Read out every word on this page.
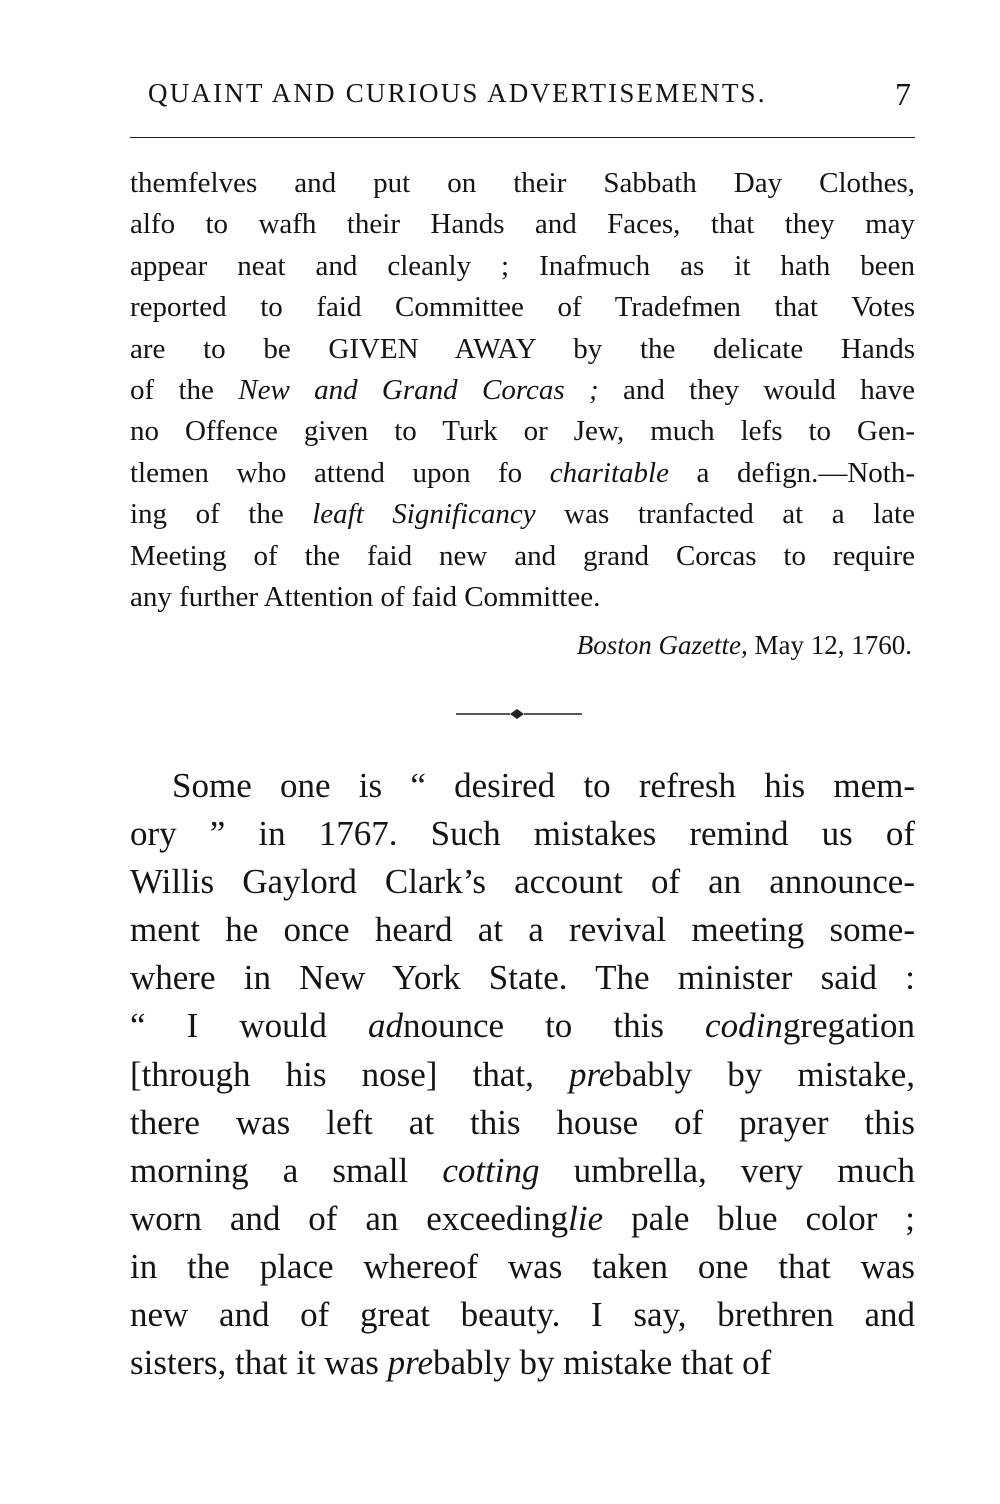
QUAINT AND CURIOUS ADVERTISEMENTS.	7
themfelves and put on their Sabbath Day Clothes,
alfo to wafh their Hands and Faces, that they may
appear neat and cleanly ; Inafmuch as it hath been
reported to faid Committee of Tradefmen that Votes
are to be GIVEN AWAY by the delicate Hands
of the New and Grand Corcas ; and they would have
no Offence given to Turk or Jew, much lefs to Gen-
tlemen who attend upon fo charitable a defign.—Noth-
ing of the leaft Significancy was tranfacted at a late
Meeting of the faid new and grand Corcas to require
any further Attention of faid Committee.
Boston Gazette, May 12, 1760.
Some one is “ desired to refresh his mem-
ory ” in 1767. Such mistakes remind us of
Willis Gaylord Clark’s account of an announce-
ment he once heard at a revival meeting some-
where in New York State. The minister said :
“ I would adnounce to this codingregation
[through his nose] that, prebably by mistake,
there was left at this house of prayer this
morning a small cotting umbrella, very much
worn and of an exceedinglie pale blue color ;
in the place whereof was taken one that was
new and of great beauty. I say, brethren and
sisters, that it was prebably by mistake that of
